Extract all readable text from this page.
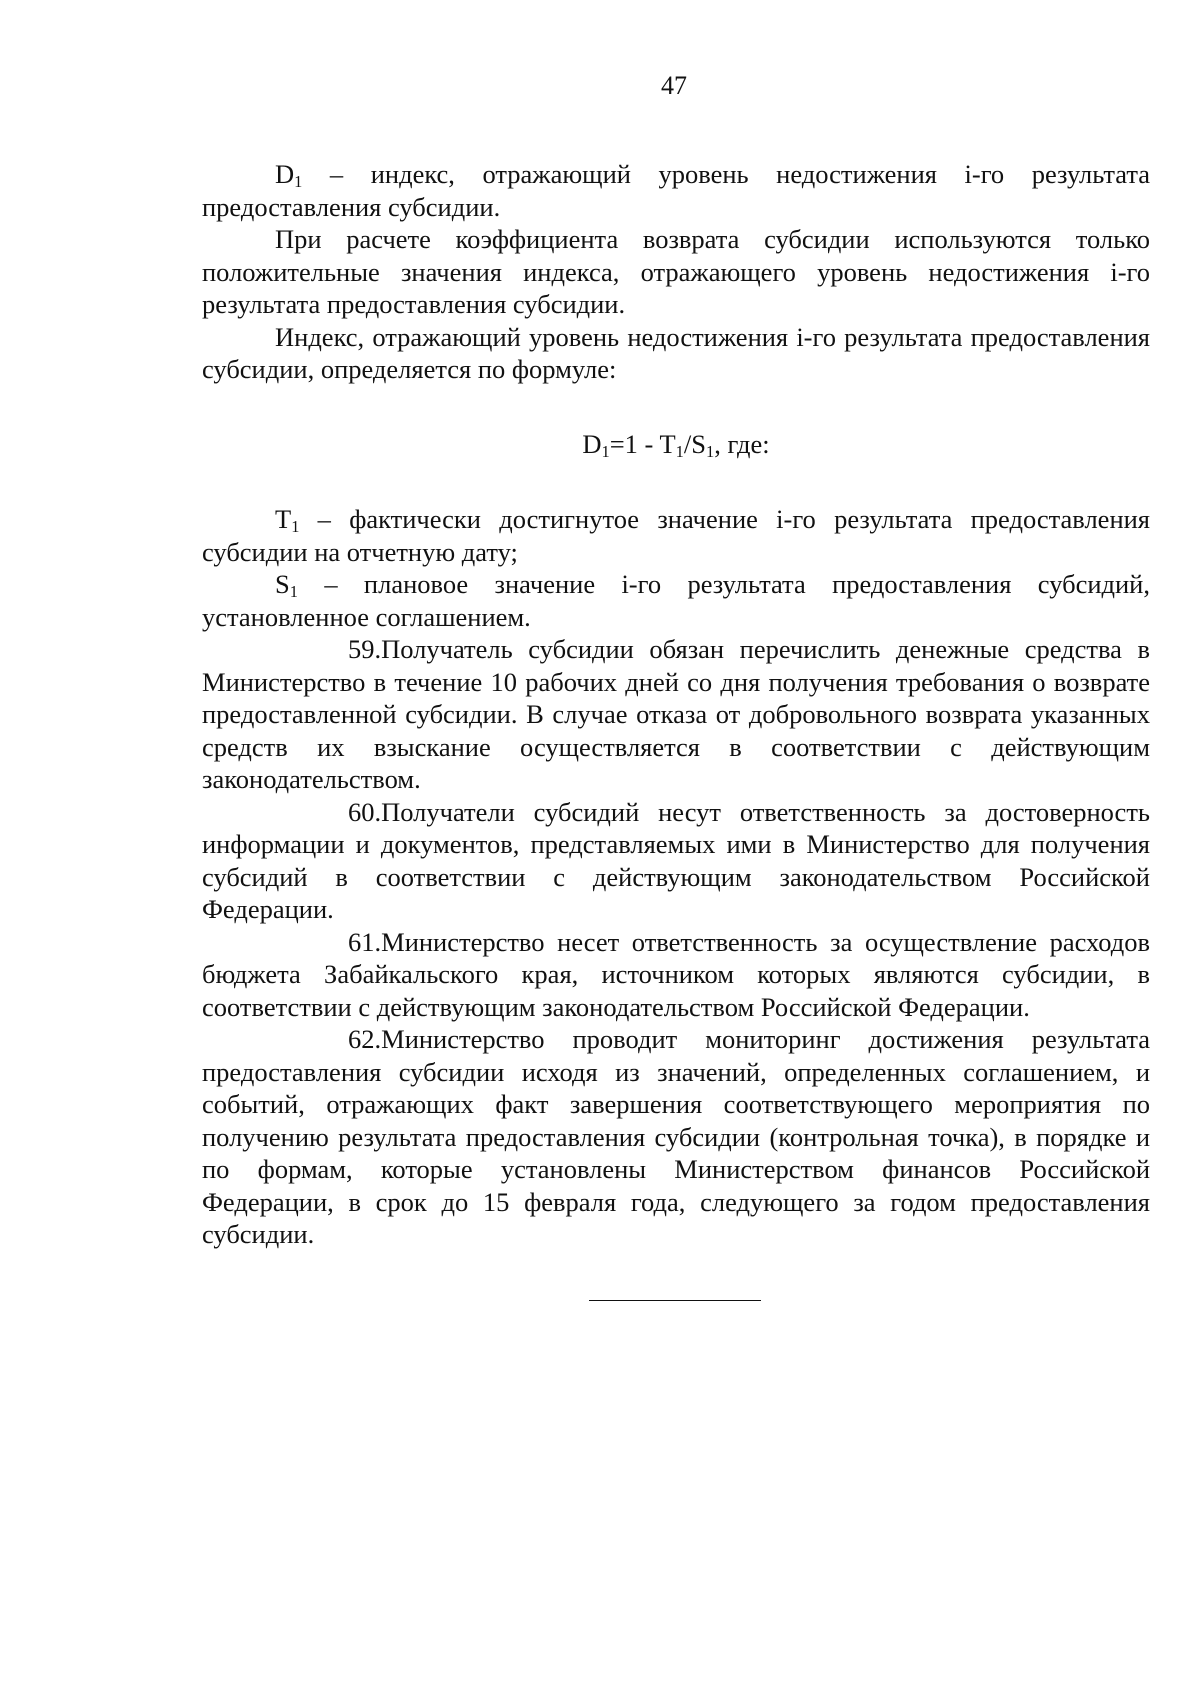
47

$D_1$ – индекс, отражающий уровень недостижения i-го результата предоставления субсидии.

При расчете коэффициента возврата субсидии используются только положительные значения индекса, отражающего уровень недостижения i-го результата предоставления субсидии.

Индекс, отражающий уровень недостижения i-го результата предоставления субсидии, определяется по формуле:

$D_1=1 - T_1/S_1$, где:

$T_1$ – фактически достигнутое значение i-го результата предоставления субсидии на отчетную дату;

$S_1$ – плановое значение i-го результата предоставления субсидий, установленное соглашением.

59.Получатель субсидии обязан перечислить денежные средства в Министерство в течение 10 рабочих дней со дня получения требования о возврате предоставленной субсидии. В случае отказа от добровольного возврата указанных средств их взыскание осуществляется в соответствии с действующим законодательством.

60.Получатели субсидий несут ответственность за достоверность информации и документов, представляемых ими в Министерство для получения субсидий в соответствии с действующим законодательством Российской Федерации.

61.Министерство несет ответственность за осуществление расходов бюджета Забайкальского края, источником которых являются субсидии, в соответствии с действующим законодательством Российской Федерации.

62.Министерство проводит мониторинг достижения результата предоставления субсидии исходя из значений, определенных соглашением, и событий, отражающих факт завершения соответствующего мероприятия по получению результата предоставления субсидии (контрольная точка), в порядке и по формам, которые установлены Министерством финансов Российской Федерации, в срок до 15 февраля года, следующего за годом предоставления субсидии.
